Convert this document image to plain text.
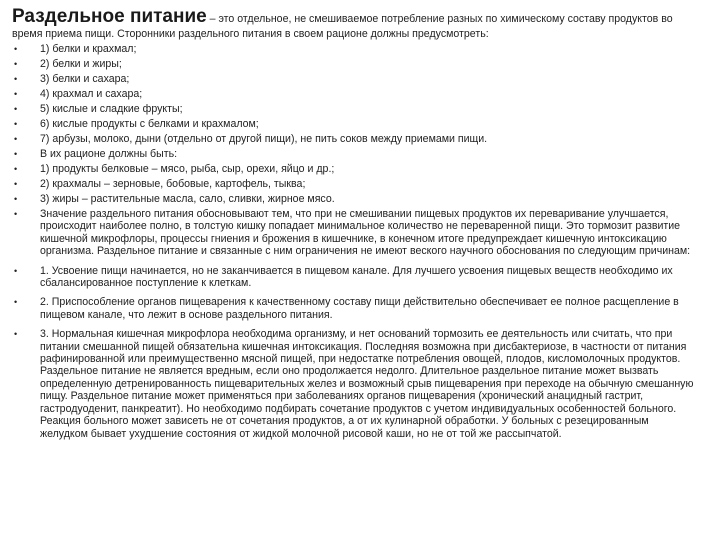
Раздельное питание – это отдельное, не смешиваемое потребление разных по химическому составу продуктов во время приема пищи. Сторонники раздельного питания в своем рационе должны предусмотреть:

• 1) белки и крахмал;
• 2) белки и жиры;
• 3) белки и сахара;
• 4) крахмал и сахара;
• 5) кислые и сладкие фрукты;
• 6) кислые продукты с белками и крахмалом;
• 7) арбузы, молоко, дыни (отдельно от другой пищи), не пить соков между приемами пищи.
• В их рационе должны быть:
• 1) продукты белковые – мясо, рыба, сыр, орехи, яйцо и др.;
• 2) крахмалы – зерновые, бобовые, картофель, тыква;
• 3) жиры – растительные масла, сало, сливки, жирное мясо.
• Значение раздельного питания обосновывают тем, что при не смешивании пищевых продуктов их переваривание улучшается, происходит наиболее полно, в толстую кишку попадает минимальное количество не переваренной пищи. Это тормозит развитие кишечной микрофлоры, процессы гниения и брожения в кишечнике, в конечном итоге предупреждает кишечную интоксикацию организма. Раздельное питание и связанные с ним ограничения не имеют веского научного обоснования по следующим причинам:
• 1. Усвоение пищи начинается, но не заканчивается в пищевом канале. Для лучшего усвоения пищевых веществ необходимо их сбалансированное поступление к клеткам.
• 2. Приспособление органов пищеварения к качественному составу пищи действительно обеспечивает ее полное расщепление в пищевом канале, что лежит в основе раздельного питания.
• 3. Нормальная кишечная микрофлора необходима организму, и нет оснований тормозить ее деятельность или считать, что при питании смешанной пищей обязательна кишечная интоксикация. Последняя возможна при дисбактериозе, в частности от питания рафинированной или преимущественно мясной пищей, при недостатке потребления овощей, плодов, кисломолочных продуктов. Раздельное питание не является вредным, если оно продолжается недолго. Длительное раздельное питание может вызвать определенную детренированность пищеварительных желез и возможный срыв пищеварения при переходе на обычную смешанную пищу. Раздельное питание может применяться при заболеваниях органов пищеварения (хронический анацидный гастрит, гастродуоденит, панкреатит). Но необходимо подбирать сочетание продуктов с учетом индивидуальных особенностей больного. Реакция больного может зависеть не от сочетания продуктов, а от их кулинарной обработки. У больных с резецированным желудком бывает ухудшение состояния от жидкой молочной рисовой каши, но не от той же рассыпчатой.
